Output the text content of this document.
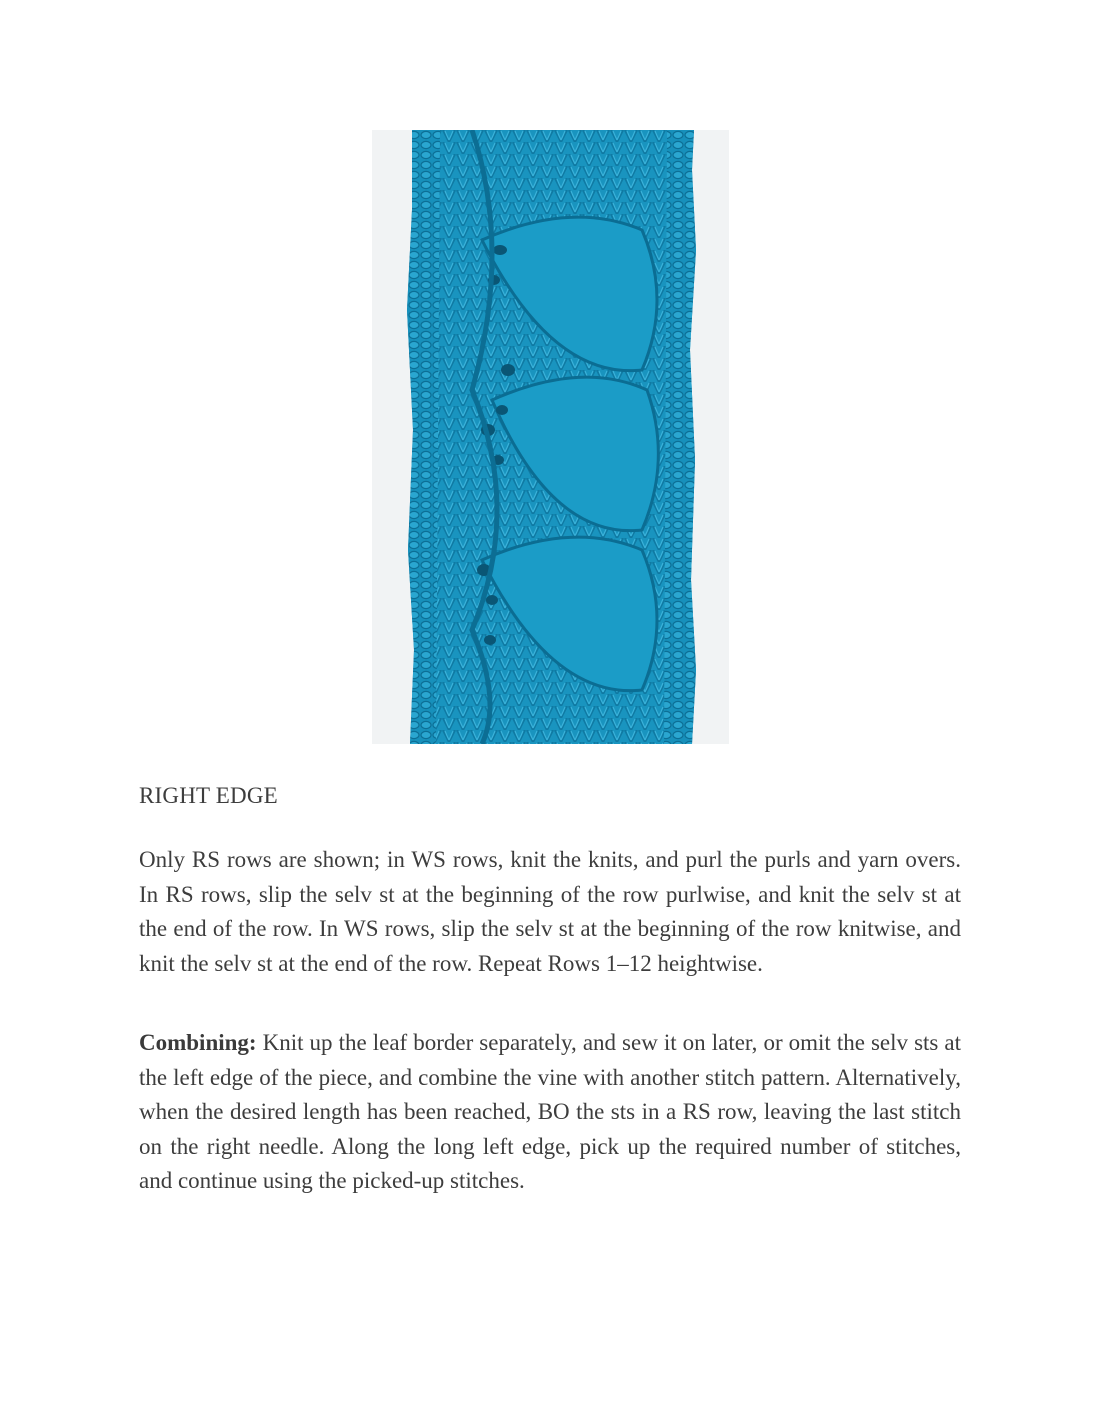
RIGHT EDGE

Only RS rows are shown; in WS rows, knit the knits, and purl the purls and yarn overs. In RS rows, slip the selv st at the beginning of the row purlwise, and knit the selv st at the end of the row. In WS rows, slip the selv st at the beginning of the row knitwise, and knit the selv st at the end of the row. Repeat Rows 1–12 heightwise.

Combining: Knit up the leaf border separately, and sew it on later, or omit the selv sts at the left edge of the piece, and combine the vine with another stitch pattern. Alternatively, when the desired length has been reached, BO the sts in a RS row, leaving the last stitch on the right needle. Along the long left edge, pick up the required number of stitches, and continue using the picked-up stitches.
